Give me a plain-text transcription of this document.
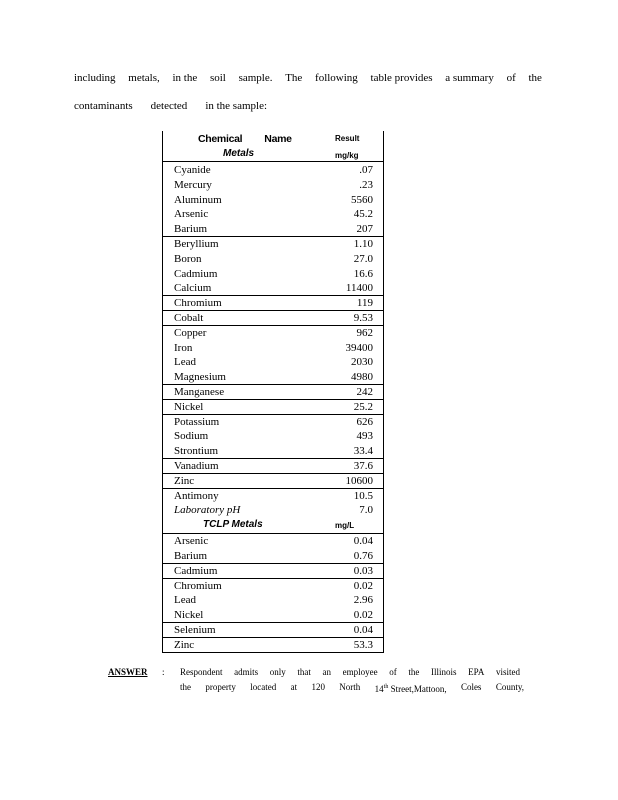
including metals, in the soil sample. The following table provides a summary of the
contaminants detected in the sample:
Chemical Name	Result
Metals	mg/kg
Cyanide	.07
Mercury	.23
Aluminum	5560
Arsenic	45.2
Barium	207
Beryllium	1.10
Boron	27.0
Cadmium	16.6
Calcium	11400
Chromium	119
Cobalt	9.53
Copper	962
Iron	39400
Lead	2030
Magnesium	4980
Manganese	242
Nickel	25.2
Potassium	626
Sodium	493
Strontium	33.4
Vanadium	37.6
Zinc	10600
Antimony	10.5
Laboratory pH	7.0
TCLP Metals	mg/L
Arsenic	0.04
Barium	0.76
Cadmium	0.03
Chromium	0.02
Lead	2.96
Nickel	0.02
Selenium	0.04
Zinc	53.3
ANSWER : Respondent admits only that an employee of the Illinois EPA visited
the property located at 120 North 14th Street,Mattoon, Coles County,
